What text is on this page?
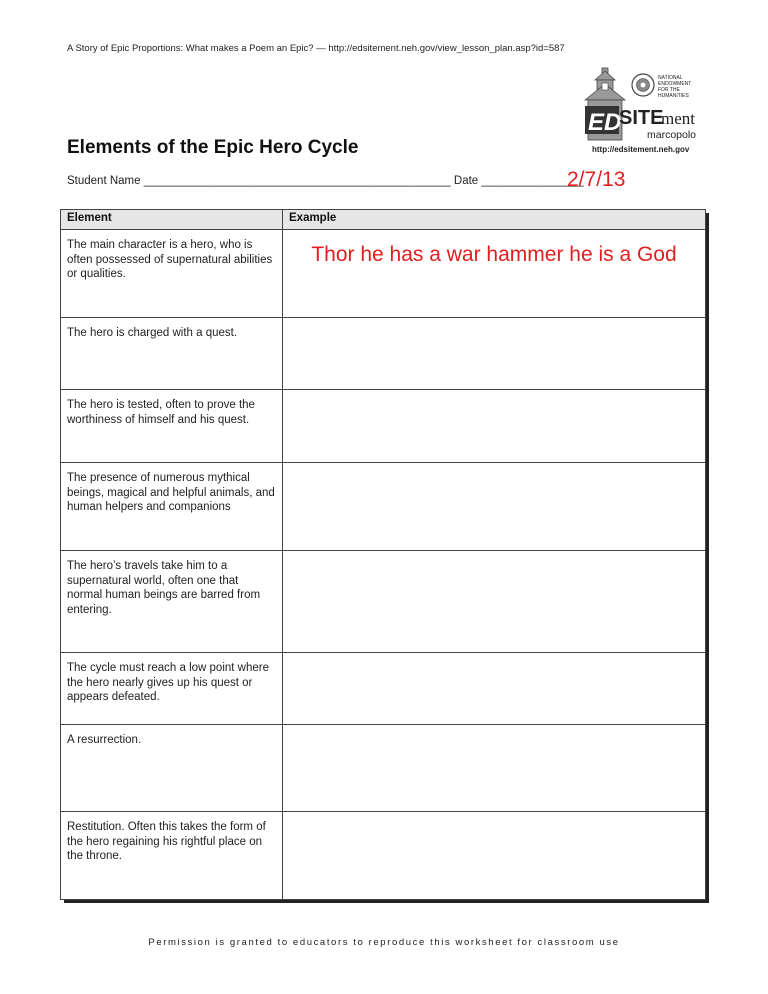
A Story of Epic Proportions: What makes a Poem an Epic? — http://edsitement.neh.gov/view_lesson_plan.asp?id=587
ED
SITE
ment
marcopolo
http://edsitement.neh.gov
NATIONAL
ENDOWMENT
FOR THE
HUMANITIES
Elements of the Epic Hero Cycle
Student Name ________________________________________________ Date ________________
2/7/13
Element	Example
The main character is a hero, who is often possessed of supernatural abilities or qualities.	Thor he has a war hammer he is a God
The hero is charged with a quest.	
The hero is tested, often to prove the worthiness of himself and his quest.	
The presence of numerous mythical beings, magical and helpful animals, and human helpers and companions	
The hero’s travels take him to a supernatural world, often one that normal human beings are barred from entering.	
The cycle must reach a low point where the hero nearly gives up his quest or appears defeated.	
A resurrection.	
Restitution. Often this takes the form of the hero regaining his rightful place on the throne.	
Permission is granted to educators to reproduce this worksheet for classroom use
